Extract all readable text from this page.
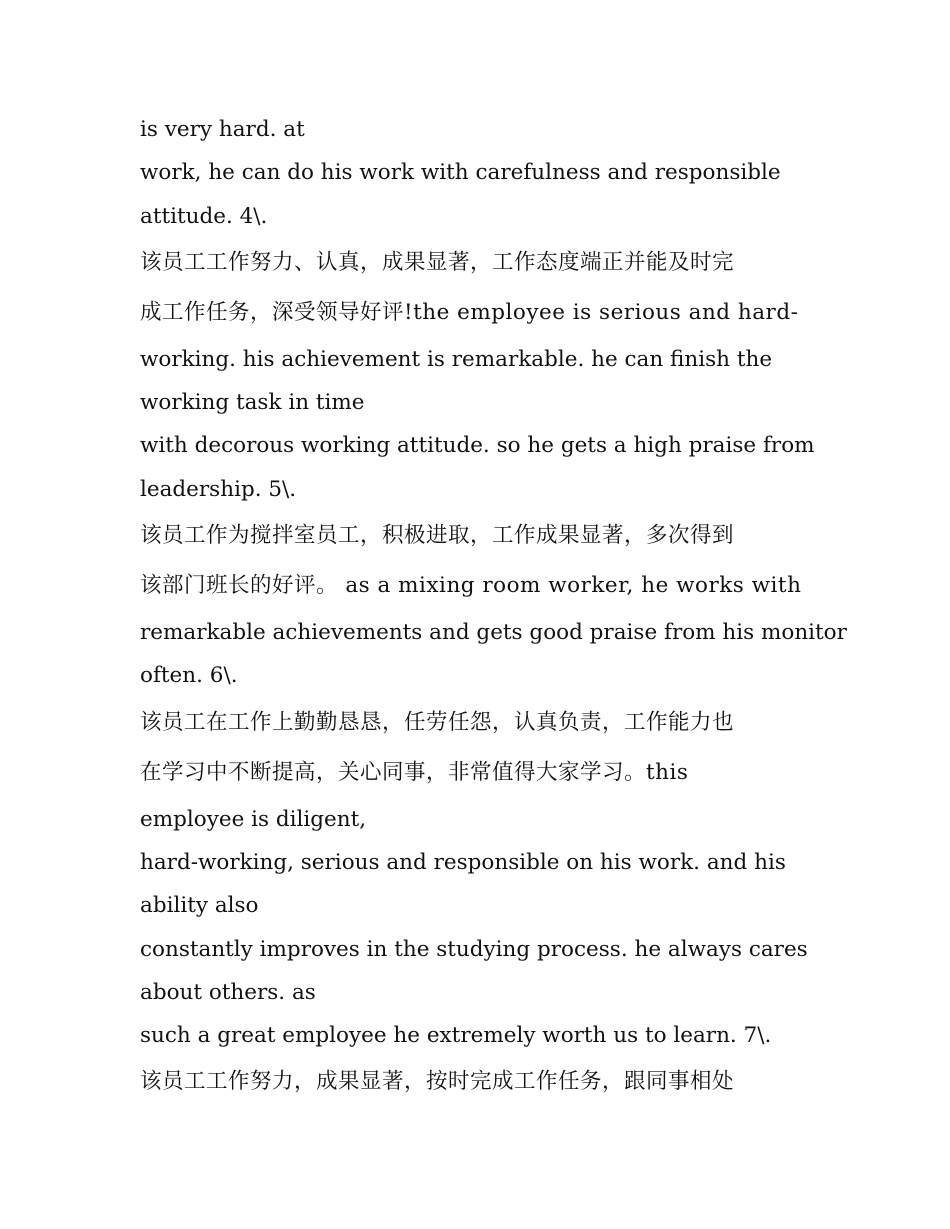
is very hard. at
work, he can do his work with carefulness and responsible
attitude. 4\.
该员工工作努力、认真，成果显著，工作态度端正并能及时完
成工作任务，深受领导好评!the employee is serious and hard-
working. his achievement is remarkable. he can finish the
working task in time
with decorous working attitude. so he gets a high praise from
leadership. 5\.
该员工作为搅拌室员工，积极进取，工作成果显著，多次得到
该部门班长的好评。 as a mixing room worker, he works with
remarkable achievements and gets good praise from his monitor
often. 6\.
该员工在工作上勤勤恳恳，任劳任怨，认真负责，工作能力也
在学习中不断提高，关心同事，非常值得大家学习。this
employee is diligent,
hard-working, serious and responsible on his work. and his
ability also
constantly improves in the studying process. he always cares
about others. as
such a great employee he extremely worth us to learn. 7\.
该员工工作努力，成果显著，按时完成工作任务，跟同事相处
